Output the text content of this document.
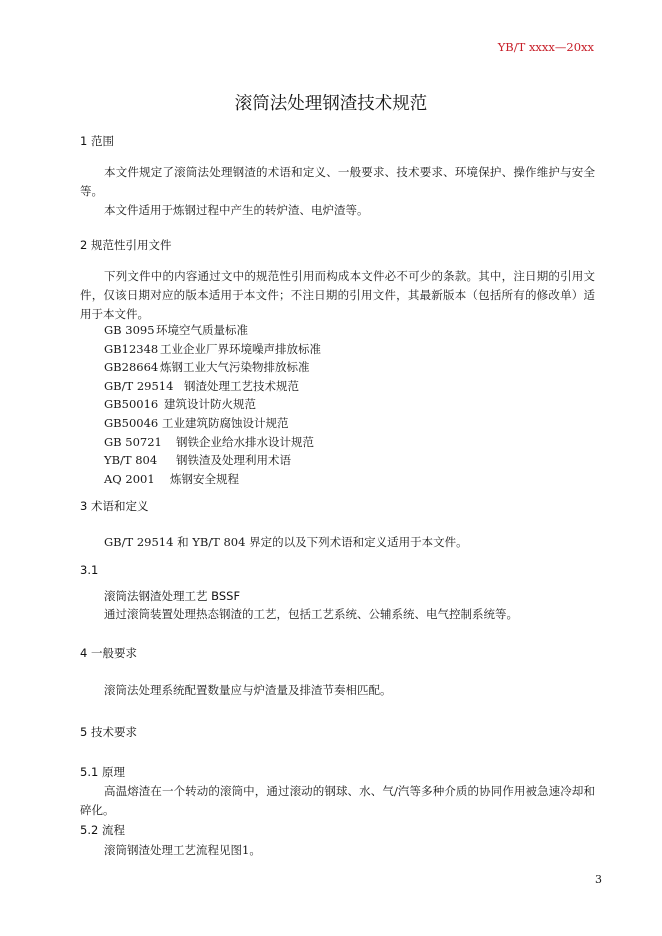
YB/T xxxx—20xx
滚筒法处理钢渣技术规范
1 范围
本文件规定了滚筒法处理钢渣的术语和定义、一般要求、技术要求、环境保护、操作维护与安全等。
本文件适用于炼钢过程中产生的转炉渣、电炉渣等。
2 规范性引用文件
下列文件中的内容通过文中的规范性引用而构成本文件必不可少的条款。其中，注日期的引用文件，仅该日期对应的版本适用于本文件；不注日期的引用文件，其最新版本（包括所有的修改单）适用于本文件。
GB 3095环境空气质量标准
GB12348 工业企业厂界环境噪声排放标准
GB28664 炼钢工业大气污染物排放标准
GB/T 29514 钢渣处理工艺技术规范
GB50016 建筑设计防火规范
GB50046 工业建筑防腐蚀设计规范
GB 50721 钢铁企业给水排水设计规范
YB/T 804 钢铁渣及处理利用术语
AQ 2001 炼钢安全规程
3 术语和定义
GB/T 29514 和 YB/T 804 界定的以及下列术语和定义适用于本文件。
3.1
滚筒法钢渣处理工艺 BSSF
通过滚筒装置处理热态钢渣的工艺，包括工艺系统、公辅系统、电气控制系统等。
4 一般要求
滚筒法处理系统配置数量应与炉渣量及排渣节奏相匹配。
5 技术要求
5.1 原理
高温熔渣在一个转动的滚筒中，通过滚动的钢球、水、气/汽等多种介质的协同作用被急速冷却和碎化。
5.2 流程
滚筒钢渣处理工艺流程见图1。
3
